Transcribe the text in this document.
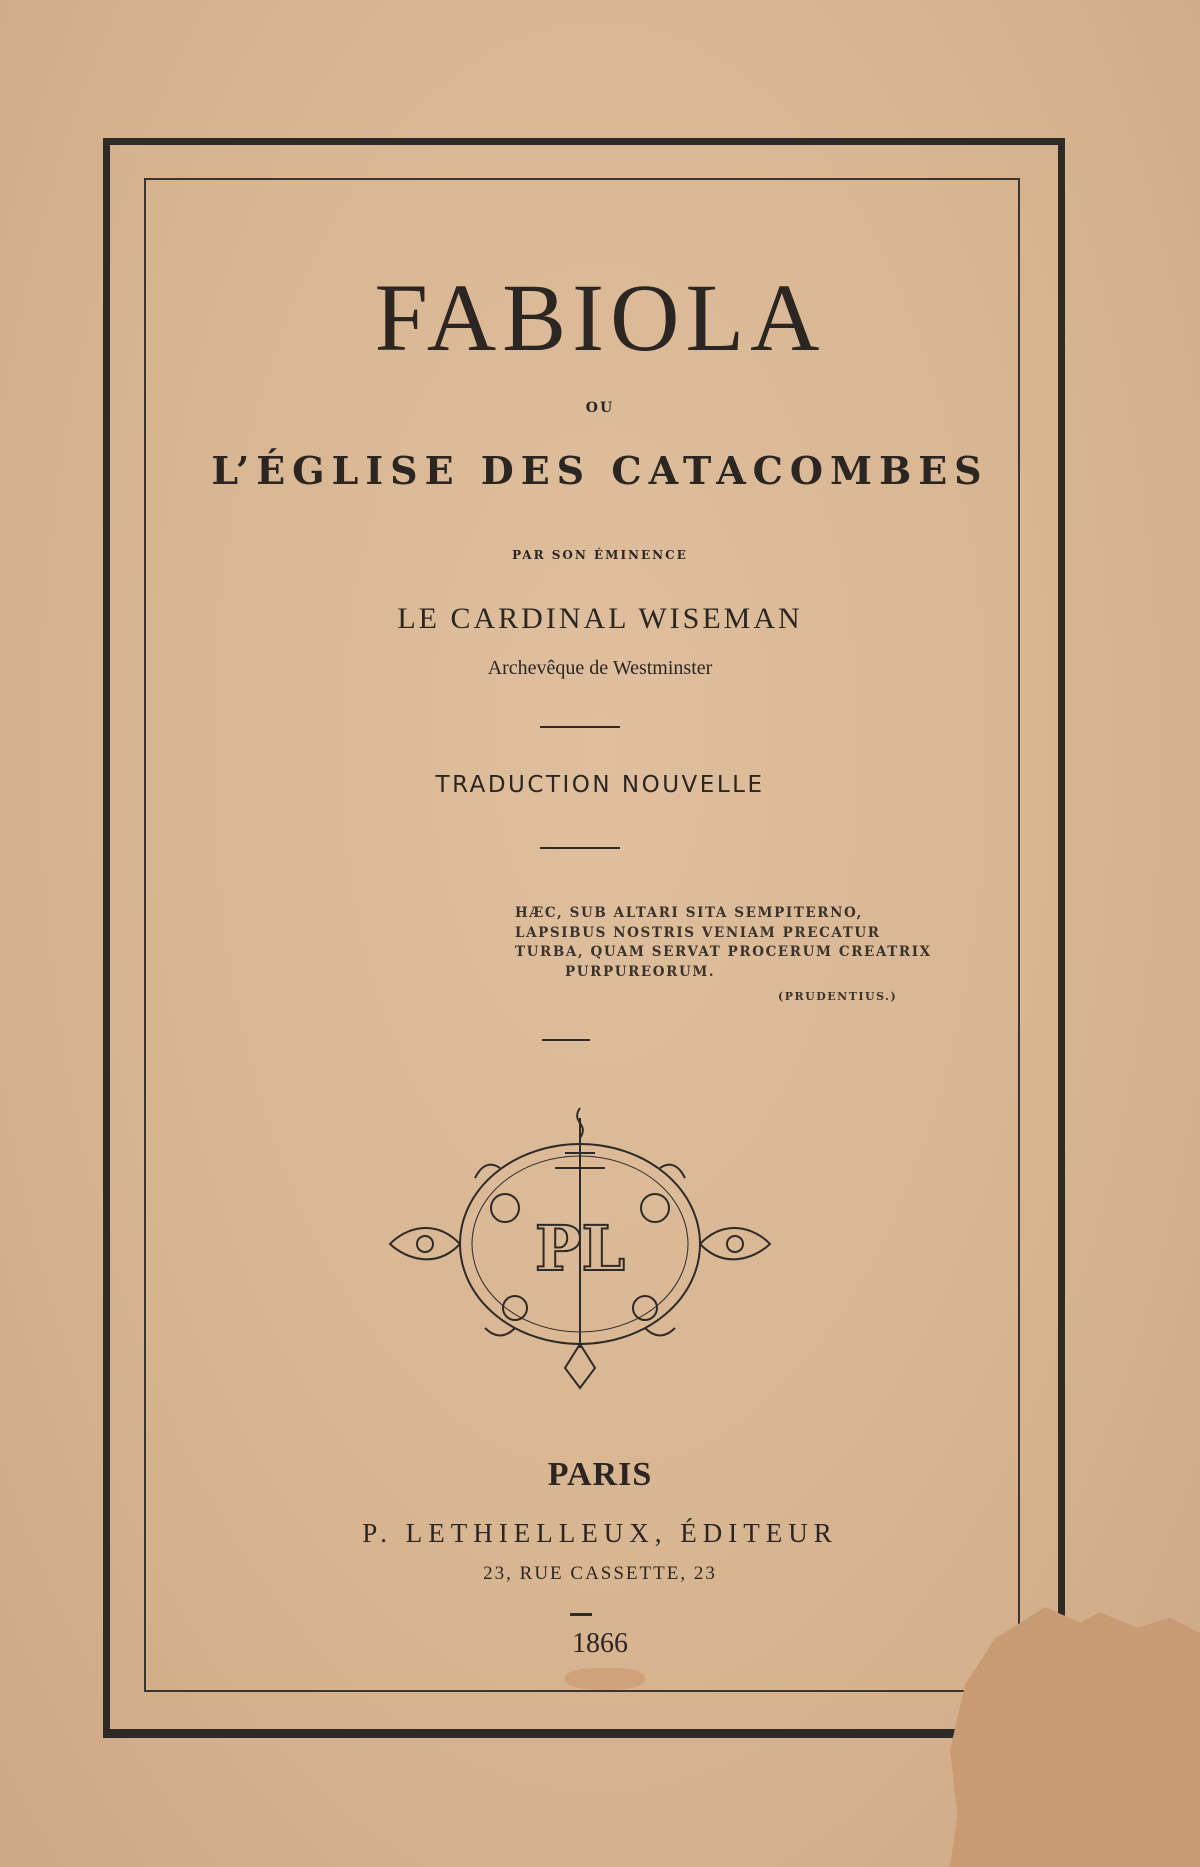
FABIOLA
OU
L’ÉGLISE DES CATACOMBES
PAR SON ÉMINENCE
LE CARDINAL WISEMAN
Archevêque de Westminster
TRADUCTION NOUVELLE
HÆC, SUB ALTARI SITA SEMPITERNO,
LAPSIBUS NOSTRIS VENIAM PRECATUR
TURBA, QUAM SERVAT PROCERUM CREATRIX
PURPUREORUM.
(PRUDENTIUS.)
PL
PARIS
P. LETHIELLEUX, ÉDITEUR
23, RUE CASSETTE, 23
1866
